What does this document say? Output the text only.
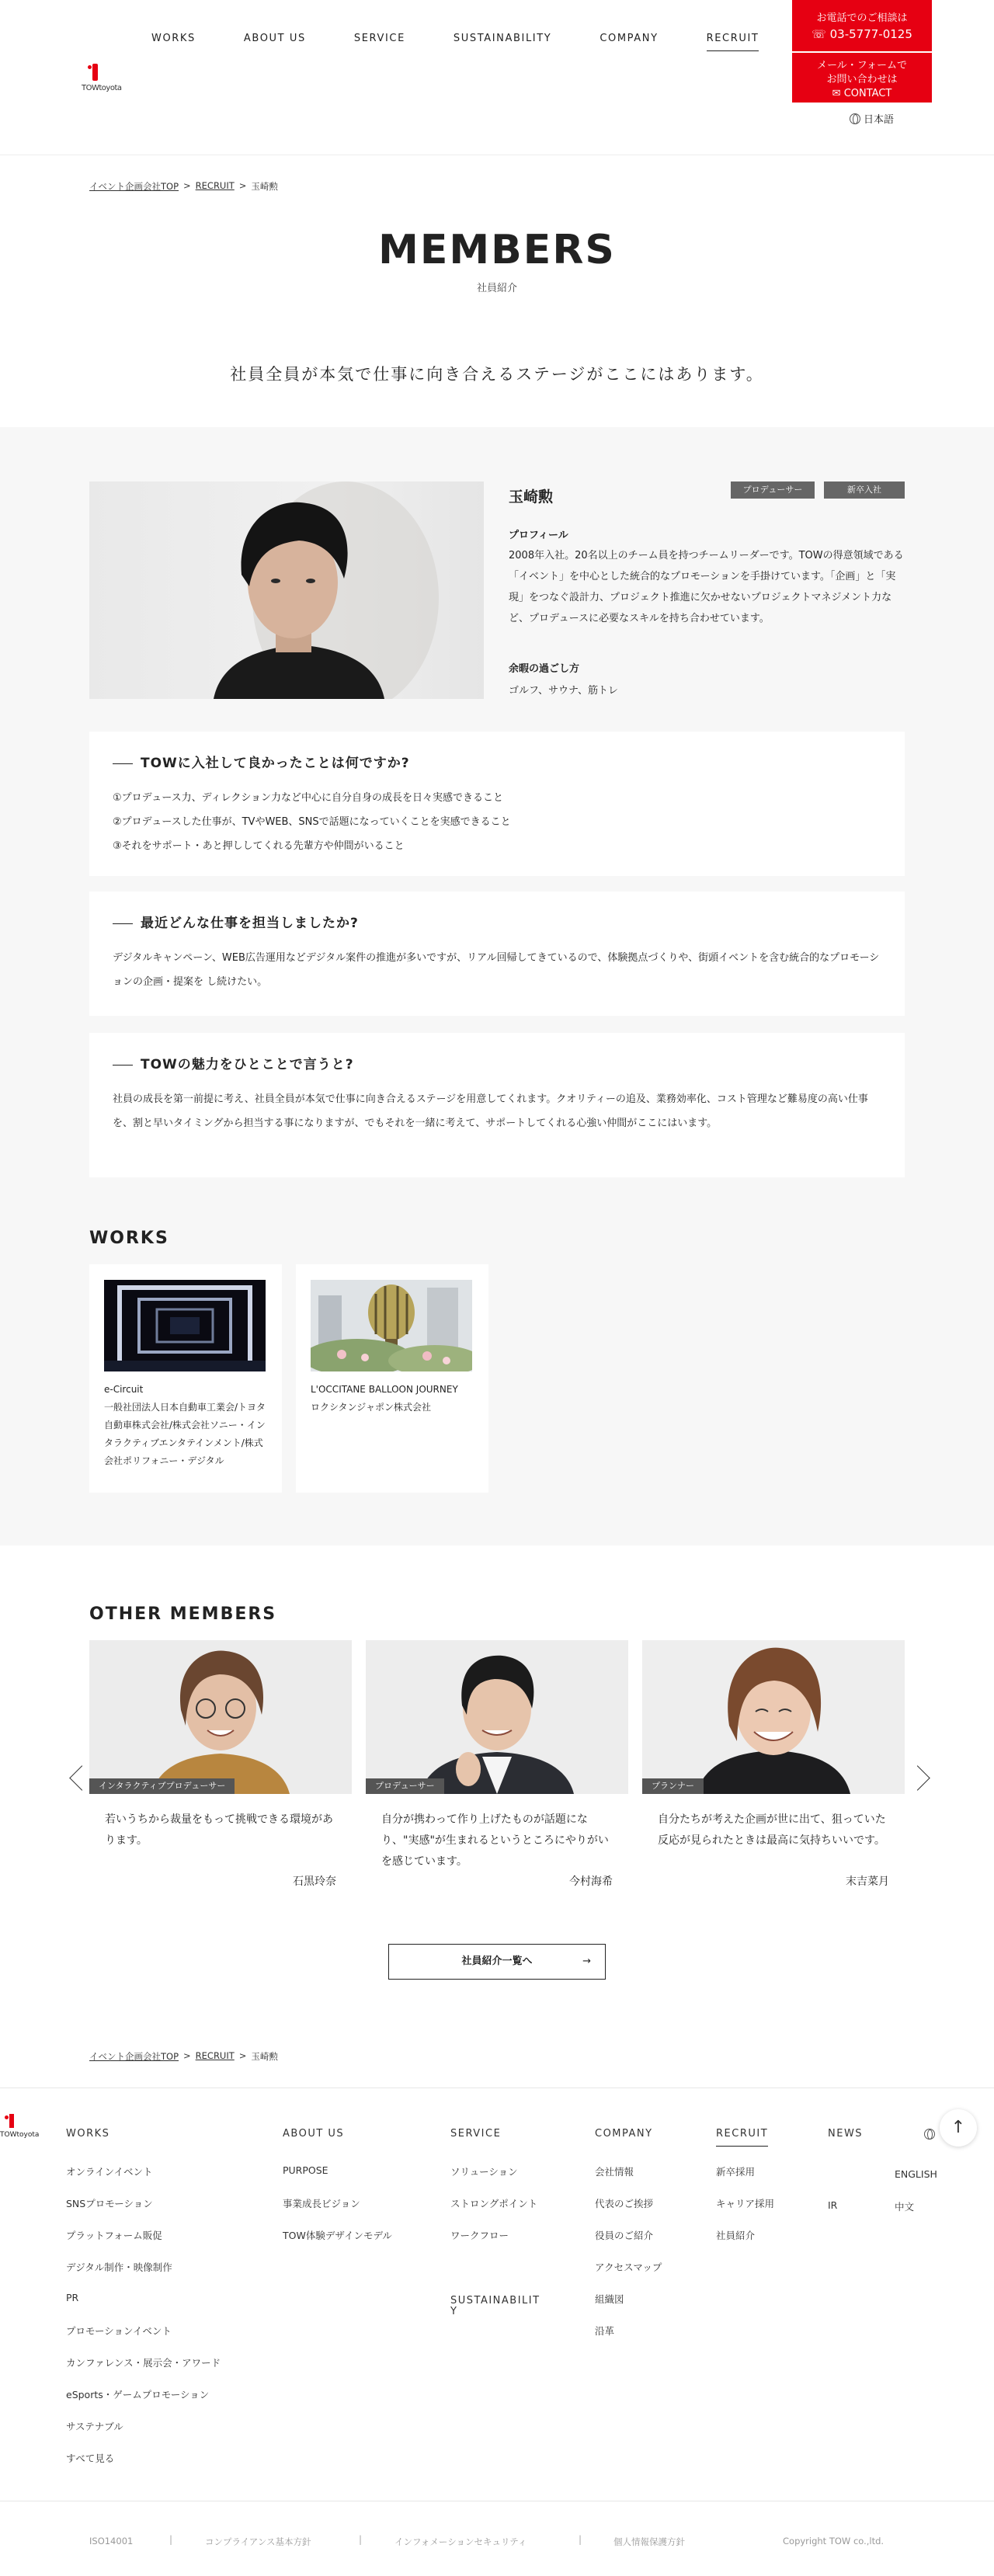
TOWtoyota
WORKS	ABOUT US	SERVICE	SUSTAINABILITY	COMPANY	RECRUIT
お電話でのご相談は
☏ 03-5777-0125
メール・フォームで
お問い合わせは
✉ CONTACT
日本語
イベント企画会社TOP > RECRUIT > 玉崎勲
MEMBERS
社員紹介

社員全員が本気で仕事に向き合えるステージがここにはあります。

玉崎勲	プロデューサー	新卒入社
プロフィール
2008年入社。20名以上のチーム員を持つチームリーダーです。TOWの得意領域である「イベント」を中心とした統合的なプロモーションを手掛けています。「企画」と「実現」をつなぐ設計力、プロジェクト推進に欠かせないプロジェクトマネジメント力など、プロデュースに必要なスキルを持ち合わせています。
余暇の過ごし方
ゴルフ、サウナ、筋トレ
TOWに入社して良かったことは何ですか?
①プロデュース力、ディレクション力など中心に自分自身の成長を日々実感できること
②プロデュースした仕事が、TVやWEB、SNSで話題になっていくことを実感できること
③それをサポート・あと押ししてくれる先輩方や仲間がいること
最近どんな仕事を担当しましたか?
デジタルキャンペーン、WEB広告運用などデジタル案件の推進が多いですが、リアル回帰してきているので、体験拠点づくりや、街頭イベントを含む統合的なプロモーションの企画・提案を し続けたい。
TOWの魅力をひとことで言うと?
社員の成長を第一前提に考え、社員全員が本気で仕事に向き合えるステージを用意してくれます。クオリティーの追及、業務効率化、コスト管理など難易度の高い仕事を、割と早いタイミングから担当する事になりますが、でもそれを一緒に考えて、サポートしてくれる心強い仲間がここにはいます。
WORKS
e-Circuit
一般社団法人日本自動車工業会/トヨタ自動車株式会社/株式会社ソニー・インタラクティブエンタテインメント/株式会社ポリフォニー・デジタル
L'OCCITANE BALLOON JOURNEY
ロクシタンジャポン株式会社
OTHER MEMBERS
インタラクティブプロデューサー
若いうちから裁量をもって挑戦できる環境があります。
石黒玲奈
プロデューサー
自分が携わって作り上げたものが話題になり、"実感"が生まれるというところにやりがいを感じています。
今村海希
プランナー
自分たちが考えた企画が世に出て、狙っていた反応が見られたときは最高に気持ちいいです。
末吉菜月
社員紹介一覧へ	→
イベント企画会社TOP > RECRUIT > 玉崎勲
TOWtoyota	WORKS
オンラインイベント
SNSプロモーション
プラットフォーム販促
デジタル制作・映像制作
PR
プロモーションイベント
カンファレンス・展示会・アワード
eSports・ゲームプロモーション
サステナブル
すべて見る
ABOUT US
PURPOSE
事業成長ビジョン
TOW体験デザインモデル
SERVICE
ソリューション
ストロングポイント
ワークフロー
SUSTAINABILITY
COMPANY
会社情報
代表のご挨拶
役員のご紹介
アクセスマップ
組織図
沿革
RECRUIT
新卒採用
キャリア採用
社員紹介
NEWS
IR
ENGLISH
中文
↑
ISO14001	|	コンプライアンス基本方針	|	インフォメーションセキュリティ	|	個人情報保護方針	Copyright TOW co.,ltd.
